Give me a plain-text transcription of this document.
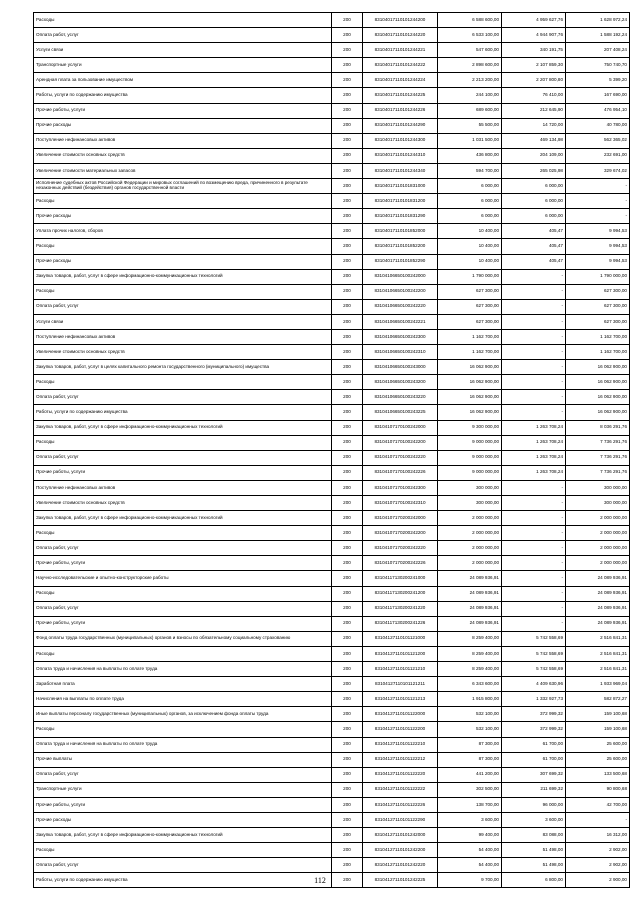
Расходы	200	83104017110101244200	6 588 600,00	4 959 627,76	1 628 972,24
Оплата работ, услуг	200	83104017110101244220	6 533 100,00	4 944 907,76	1 588 192,24
Услуги связи	200	83104017110101244221	547 600,00	340 191,75	207 408,24
Транспортные услуги	200	83104017110101244222	2 898 600,00	2 107 859,30	750 740,70
Арендная плата за пользование имуществом	200	83104017110101244224	2 213 200,00	2 207 800,80	5 399,20
Работы, услуги по содержанию имущества	200	83104017110101244225	244 100,00	76 410,00	167 690,00
Прочие работы, услуги	200	83104017110101244226	689 600,00	212 645,90	476 954,10
Прочие расходы	200	83104017110101244290	55 500,00	14 720,00	40 780,00
Поступление нефинансовых активов	200	83104017110101244300	1 031 500,00	469 134,98	562 365,02
Увеличение стоимости основных средств	200	83104017110101244310	436 800,00	204 109,00	232 691,00
Увеличение стоимости материальных запасов	200	83104017110101244340	594 700,00	265 025,98	329 674,02
Исполнение судебных актов Российской Федерации и мировых соглашений по возмещению вреда, причиненного в результате незаконных действий (бездействия) органов государственной власти	200	83104017110101831000	6 000,00	6 000,00	-
Расходы	200	83104017110101831200	6 000,00	6 000,00	-
Прочие расходы	200	83104017110101831290	6 000,00	6 000,00	-
Уплата прочих налогов, сборов	200	83104017110101852000	10 400,00	405,47	9 994,53
Расходы	200	83104017110101852200	10 400,00	405,47	9 994,53
Прочие расходы	200	83104017110101852290	10 400,00	405,47	9 994,53
Закупка товаров, работ, услуг в сфере информационно-коммуникационных технологий	200	83104106650100242000	1 790 000,00	-	1 790 000,00
Расходы	200	83104106650100242200	627 300,00	-	627 300,00
Оплата работ, услуг	200	83104106650100242220	627 300,00	-	627 300,00
Услуги связи	200	83104106650100242221	627 300,00	-	627 300,00
Поступление нефинансовых активов	200	83104106650100242300	1 162 700,00	-	1 162 700,00
Увеличение стоимости основных средств	200	83104106650100242310	1 162 700,00	-	1 162 700,00
Закупка товаров, работ, услуг в целях капитального ремонта государственного (муниципального) имущества	200	83104106650100243000	16 062 900,00	-	16 062 900,00
Расходы	200	83104106650100243200	16 062 900,00	-	16 062 900,00
Оплата работ, услуг	200	83104106650100243220	16 062 900,00	-	16 062 900,00
Работы, услуги по содержанию имущества	200	83104106650100243225	16 062 900,00	-	16 062 900,00
Закупка товаров, работ, услуг в сфере информационно-коммуникационных технологий	200	83104107170100242000	9 300 000,00	1 263 708,24	8 036 291,76
Расходы	200	83104107170100242200	9 000 000,00	1 263 708,24	7 736 291,76
Оплата работ, услуг	200	83104107170100242220	9 000 000,00	1 263 708,24	7 736 291,76
Прочие работы, услуги	200	83104107170100242226	9 000 000,00	1 263 708,24	7 736 291,76
Поступление нефинансовых активов	200	83104107170100242300	300 000,00	-	300 000,00
Увеличение стоимости основных средств	200	83104107170100242310	300 000,00	-	300 000,00
Закупка товаров, работ, услуг в сфере информационно-коммуникационных технологий	200	83104107170200242000	2 000 000,00	-	2 000 000,00
Расходы	200	83104107170200242200	2 000 000,00	-	2 000 000,00
Оплата работ, услуг	200	83104107170200242220	2 000 000,00	-	2 000 000,00
Прочие работы, услуги	200	83104107170200242226	2 000 000,00	-	2 000 000,00
Научно-исследовательские и опытно-конструкторские работы	200	83104117130200241000	24 089 936,91	-	24 089 936,91
Расходы	200	83104117130200241200	24 089 936,91	-	24 089 936,91
Оплата работ, услуг	200	83104117130200241220	24 089 936,91	-	24 089 936,91
Прочие работы, услуги	200	83104117130200241226	24 089 936,91	-	24 089 936,91
Фонд оплаты труда государственных (муниципальных) органов и взносы по обязательному социальному страхованию	200	83104127110101121000	8 259 400,00	5 742 558,69	2 516 841,31
Расходы	200	83104127110101121200	8 259 400,00	5 742 558,69	2 516 841,31
Оплата труда и начисления на выплаты по оплате труда	200	83104127110101121210	8 259 400,00	5 742 558,69	2 516 841,31
Заработная плата	200	83104127110101121211	6 343 600,00	4 409 630,96	1 933 969,04
Начисления на выплаты по оплате труда	200	83104127110101121213	1 915 800,00	1 332 927,73	582 872,27
Иные выплаты персоналу государственных (муниципальных) органов, за исключением фонда оплаты труда	200	83104127110101122000	532 100,00	372 999,32	159 100,68
Расходы	200	83104127110101122200	532 100,00	372 999,32	159 100,68
Оплата труда и начисления на выплаты по оплате труда	200	83104127110101122210	87 300,00	61 700,00	25 600,00
Прочие выплаты	200	83104127110101122212	87 300,00	61 700,00	25 600,00
Оплата работ, услуг	200	83104127110101122220	441 200,00	307 699,32	133 500,68
Транспортные услуги	200	83104127110101122222	302 500,00	211 699,32	90 800,68
Прочие работы, услуги	200	83104127110101122226	138 700,00	96 000,00	42 700,00
Прочие расходы	200	83104127110101122290	3 600,00	3 600,00	-
Закупка товаров, работ, услуг в сфере информационно-коммуникационных технологий	200	83104127110101242000	99 400,00	83 088,00	16 312,00
Расходы	200	83104127110101242200	54 400,00	51 498,00	2 902,00
Оплата работ, услуг	200	83104127110101242220	54 400,00	51 498,00	2 902,00
Работы, услуги по содержанию имущества	200	83104127110101242225	9 700,00	6 800,00	2 900,00
112
